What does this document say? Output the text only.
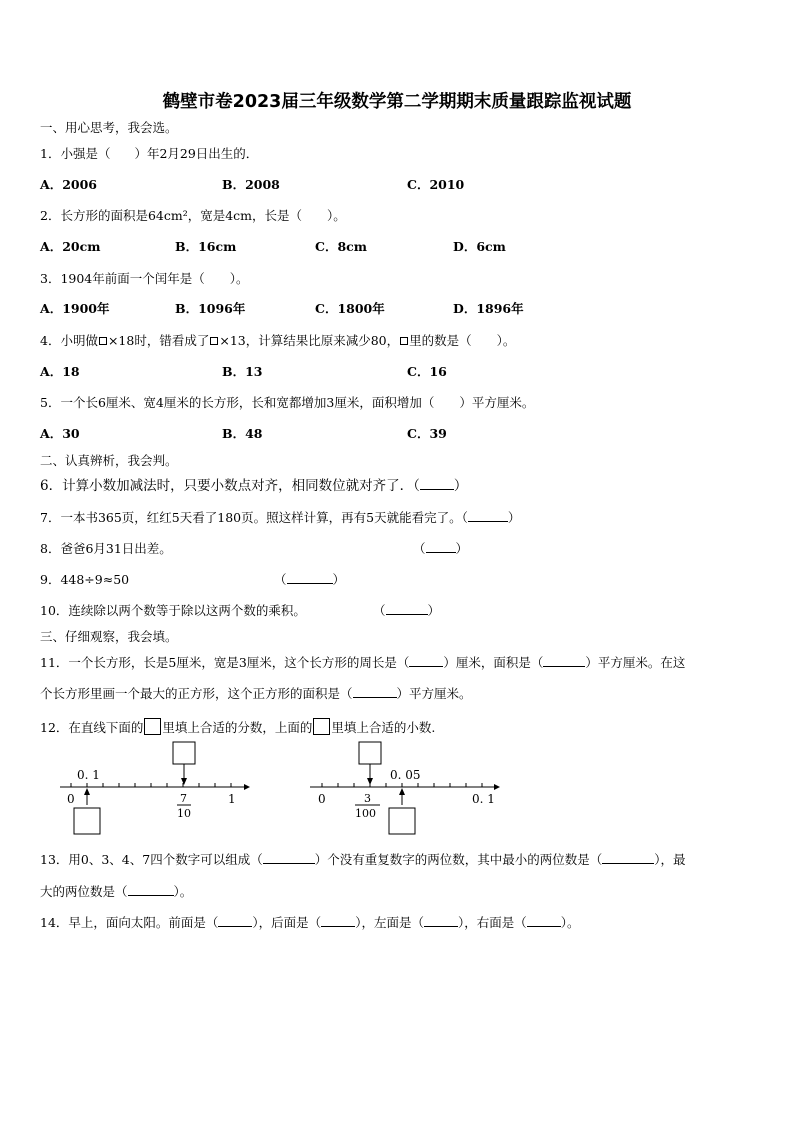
鹤壁市卷2023届三年级数学第二学期期末质量跟踪监视试题
一、用心思考，我会选。
1．小强是（ ）年2月29日出生的．
A．2006	B．2008	C．2010
2．长方形的面积是64cm²，宽是4cm，长是（　　）。
A．20cm	B．16cm	C．8cm	D．6cm
3．1904年前面一个闰年是（　　）。
A．1900年	B．1096年	C．1800年	D．1896年
4．小明做 ×18时，错看成了 ×13，计算结果比原来减少80， 里的数是（　　）。
A．18	B．13	C．16
5．一个长6厘米、宽4厘米的长方形，长和宽都增加3厘米，面积增加（　　）平方厘米。
A．30	B．48	C．39
二、认真辨析，我会判。
6．计算小数加减法时，只要小数点对齐，相同数位就对齐了．（	）
7．一本书365页，红红5天看了180页。照这样计算，再有5天就能看完了。（	）
8．爸爸6月31日出差。	（ ）
9．448÷9≈50	（	）
10．连续除以两个数等于除以这两个数的乘积。	（	）
三、仔细观察，我会填。
11．一个长方形，长是5厘米，宽是3厘米，这个长方形的周长是（	）厘米，面积是（	）平方厘米。在这
个长方形里画一个最大的正方形，这个正方形的面积是（	）平方厘米。
12．在直线下面的 里填上合适的分数，上面的 里填上合适的小数.
0. 1
0	7
10
1
0. 05
0	3
100
0. 1
13．用0、3、4、7四个数字可以组成（	）个没有重复数字的两位数，其中最小的两位数是（	），最
大的两位数是（	）。
14．早上，面向太阳。前面是（	），后面是（	），左面是（	），右面是（	）。
